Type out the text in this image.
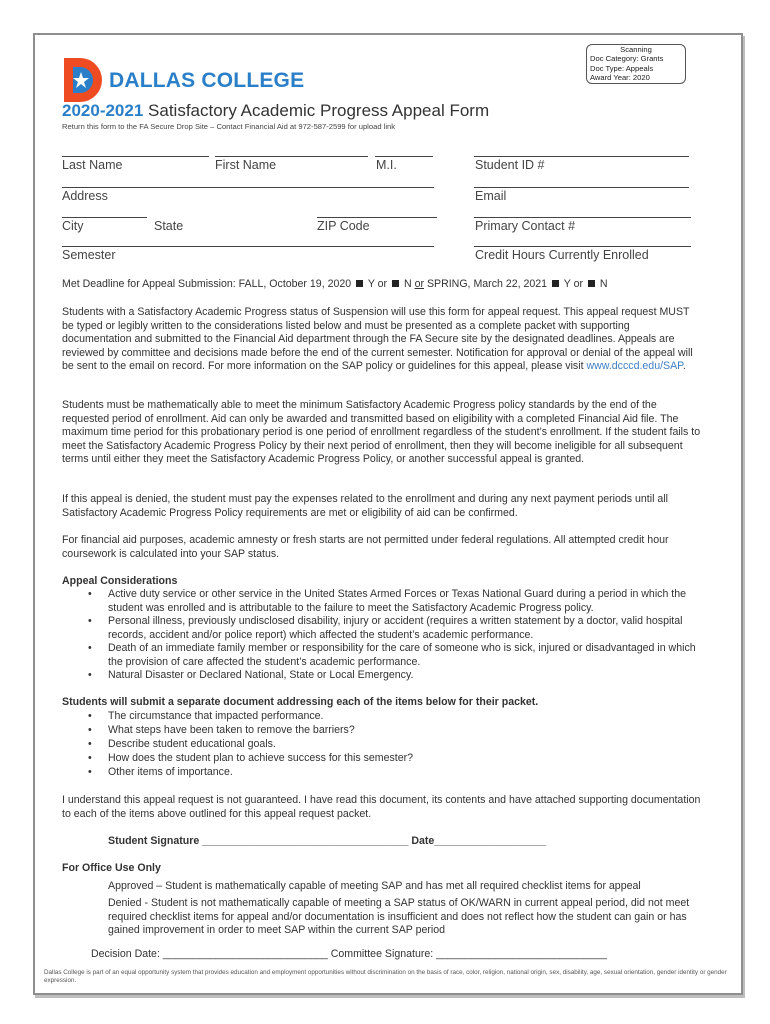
Scanning
Doc Category: Grants
Doc Type: Appeals
Award Year: 2020
DALLAS COLLEGE
2020-2021 Satisfactory Academic Progress Appeal Form
Return this form to the FA Secure Drop Site – Contact Financial Aid at 972-587-2599 for upload link
Last Name	First Name	M.I.	Student ID #
Address	Email
City	State	ZIP Code	Primary Contact #
Semester	Credit Hours Currently Enrolled
Met Deadline for Appeal Submission: FALL, October 19, 2020  Y or  N or SPRING, March 22, 2021  Y or  N
Students with a Satisfactory Academic Progress status of Suspension will use this form for appeal request. This appeal request MUST be typed or legibly written to the considerations listed below and must be presented as a complete packet with supporting documentation and submitted to the Financial Aid department through the FA Secure site by the designated deadlines. Appeals are reviewed by committee and decisions made before the end of the current semester. Notification for approval or denial of the appeal will be sent to the email on record. For more information on the SAP policy or guidelines for this appeal, please visit www.dcccd.edu/SAP.
Students must be mathematically able to meet the minimum Satisfactory Academic Progress policy standards by the end of the requested period of enrollment. Aid can only be awarded and transmitted based on eligibility with a completed Financial Aid file. The maximum time period for this probationary period is one period of enrollment regardless of the student’s enrollment. If the student fails to meet the Satisfactory Academic Progress Policy by their next period of enrollment, then they will become ineligible for all subsequent terms until either they meet the Satisfactory Academic Progress Policy, or another successful appeal is granted.
If this appeal is denied, the student must pay the expenses related to the enrollment and during any next payment periods until all Satisfactory Academic Progress Policy requirements are met or eligibility of aid can be confirmed.
For financial aid purposes, academic amnesty or fresh starts are not permitted under federal regulations. All attempted credit hour coursework is calculated into your SAP status.
Appeal Considerations
• Active duty service or other service in the United States Armed Forces or Texas National Guard during a period in which the student was enrolled and is attributable to the failure to meet the Satisfactory Academic Progress policy.
• Personal illness, previously undisclosed disability, injury or accident (requires a written statement by a doctor, valid hospital records, accident and/or police report) which affected the student’s academic performance.
• Death of an immediate family member or responsibility for the care of someone who is sick, injured or disadvantaged in which the provision of care affected the student’s academic performance.
• Natural Disaster or Declared National, State or Local Emergency.
Students will submit a separate document addressing each of the items below for their packet.
• The circumstance that impacted performance.
• What steps have been taken to remove the barriers?
• Describe student educational goals.
• How does the student plan to achieve success for this semester?
• Other items of importance.
I understand this appeal request is not guaranteed. I have read this document, its contents and have attached supporting documentation to each of the items above outlined for this appeal request packet.
Student Signature ___________________________________ Date___________________
For Office Use Only
Approved – Student is mathematically capable of meeting SAP and has met all required checklist items for appeal
Denied - Student is not mathematically capable of meeting a SAP status of OK/WARN in current appeal period, did not meet required checklist items for appeal and/or documentation is insufficient and does not reflect how the student can gain or has gained improvement in order to meet SAP within the current SAP period
Decision Date: ____________________________ Committee Signature: _____________________________
Dallas College is part of an equal opportunity system that provides education and employment opportunities without discrimination on the basis of race, color, religion, national origin, sex, disability, age, sexual orientation, gender identity or gender expression.
